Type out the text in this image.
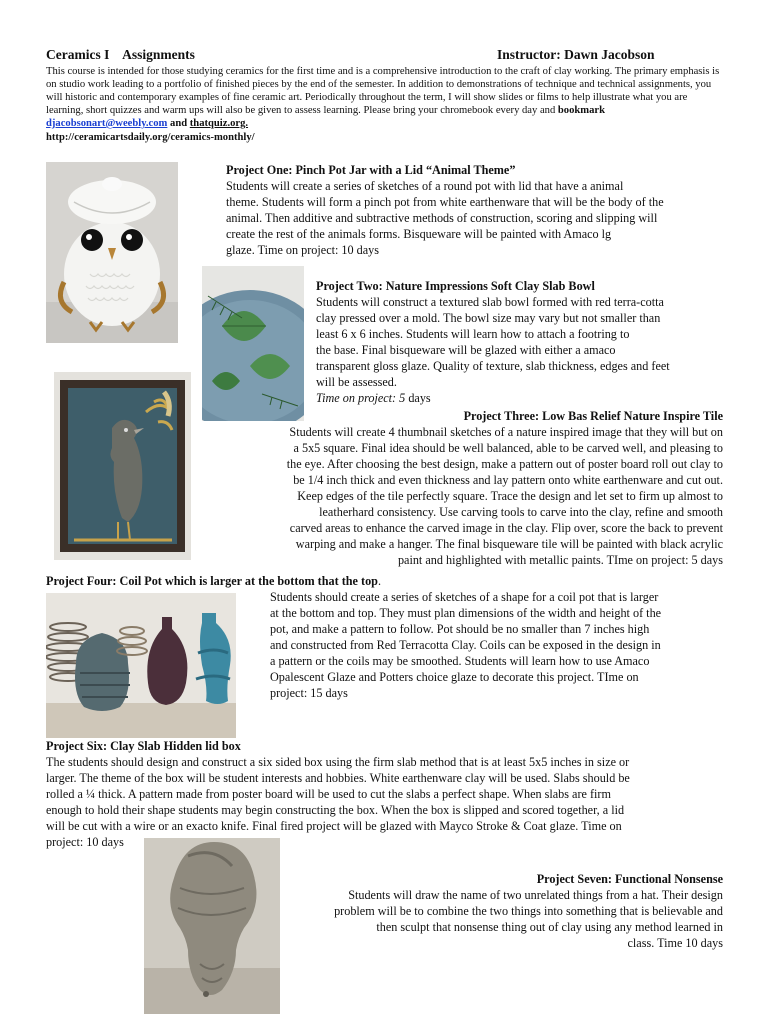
Ceramics I Assignments	Instructor: Dawn Jacobson
This course is intended for those studying ceramics for the first time and is a comprehensive introduction to the craft of clay working. The primary emphasis is on studio work leading to a portfolio of finished pieces by the end of the semester. In addition to demonstrations of technique and technical assignments, you will historic and contemporary examples of fine ceramic art. Periodically throughout the term, I will show slides or films to help illustrate what you are learning, short quizzes and warm ups will also be given to assess learning. Please bring your chromebook every day and bookmark djacobsonart@weebly.com and thatquiz.org.
http://ceramicartsdaily.org/ceramics-monthly/
Project One: Pinch Pot Jar with a Lid “Animal Theme”
Students will create a series of sketches of a round pot with lid that have a animal
theme. Students will form a pinch pot from white earthenware that will be the body of the
animal. Then additive and subtractive methods of construction, scoring and slipping will
create the rest of the animals forms. Bisqueware will be painted with Amaco lg
glaze. Time on project: 10 days
Project Two: Nature Impressions Soft Clay Slab Bowl
Students will construct a textured slab bowl formed with red terra-cotta
clay pressed over a mold. The bowl size may vary but not smaller than
least 6 x 6 inches. Students will learn how to attach a footring to
the base. Final bisqueware will be glazed with either a amaco
transparent gloss glaze. Quality of texture, slab thickness, edges and feet
will be assessed.
Time on project: 5 days
Project Three: Low Bas Relief Nature Inspire Tile
Students will create 4 thumbnail sketches of a nature inspired image that they will but on
a 5x5 square. Final idea should be well balanced, able to be carved well, and pleasing to
the eye. After choosing the best design, make a pattern out of poster board roll out clay to
be 1/4 inch thick and even thickness and lay pattern onto white earthenware and cut out.
Keep edges of the tile perfectly square. Trace the design and let set to firm up almost to
leatherhard consistency. Use carving tools to carve into the clay, refine and smooth
carved areas to enhance the carved image in the clay. Flip over, score the back to prevent
warping and make a hanger. The final bisqueware tile will be painted with black acrylic
paint and highlighted with metallic paints. TIme on project: 5 days
Project Four: Coil Pot which is larger at the bottom that the top.
Students should create a series of sketches of a shape for a coil pot that is larger
at the bottom and top. They must plan dimensions of the width and height of the
pot, and make a pattern to follow. Pot should be no smaller than 7 inches high
and constructed from Red Terracotta Clay. Coils can be exposed in the design in
a pattern or the coils may be smoothed. Students will learn how to use Amaco
Opalescent Glaze and Potters choice glaze to decorate this project. TIme on
project: 15 days
Project Six: Clay Slab Hidden lid box
The students should design and construct a six sided box using the firm slab method that is at least 5x5 inches in size or
larger. The theme of the box will be student interests and hobbies. White earthenware clay will be used. Slabs should be
rolled a ¼ thick. A pattern made from poster board will be used to cut the slabs a perfect shape. When slabs are firm
enough to hold their shape students may begin constructing the box. When the box is slipped and scored together, a lid
will be cut with a wire or an exacto knife. Final fired project will be glazed with Mayco Stroke & Coat glaze. Time on
project: 10 days
Project Seven: Functional Nonsense
Students will draw the name of two unrelated things from a hat. Their design
problem will be to combine the two things into something that is believable and
then sculpt that nonsense thing out of clay using any method learned in
class. Time 10 days
